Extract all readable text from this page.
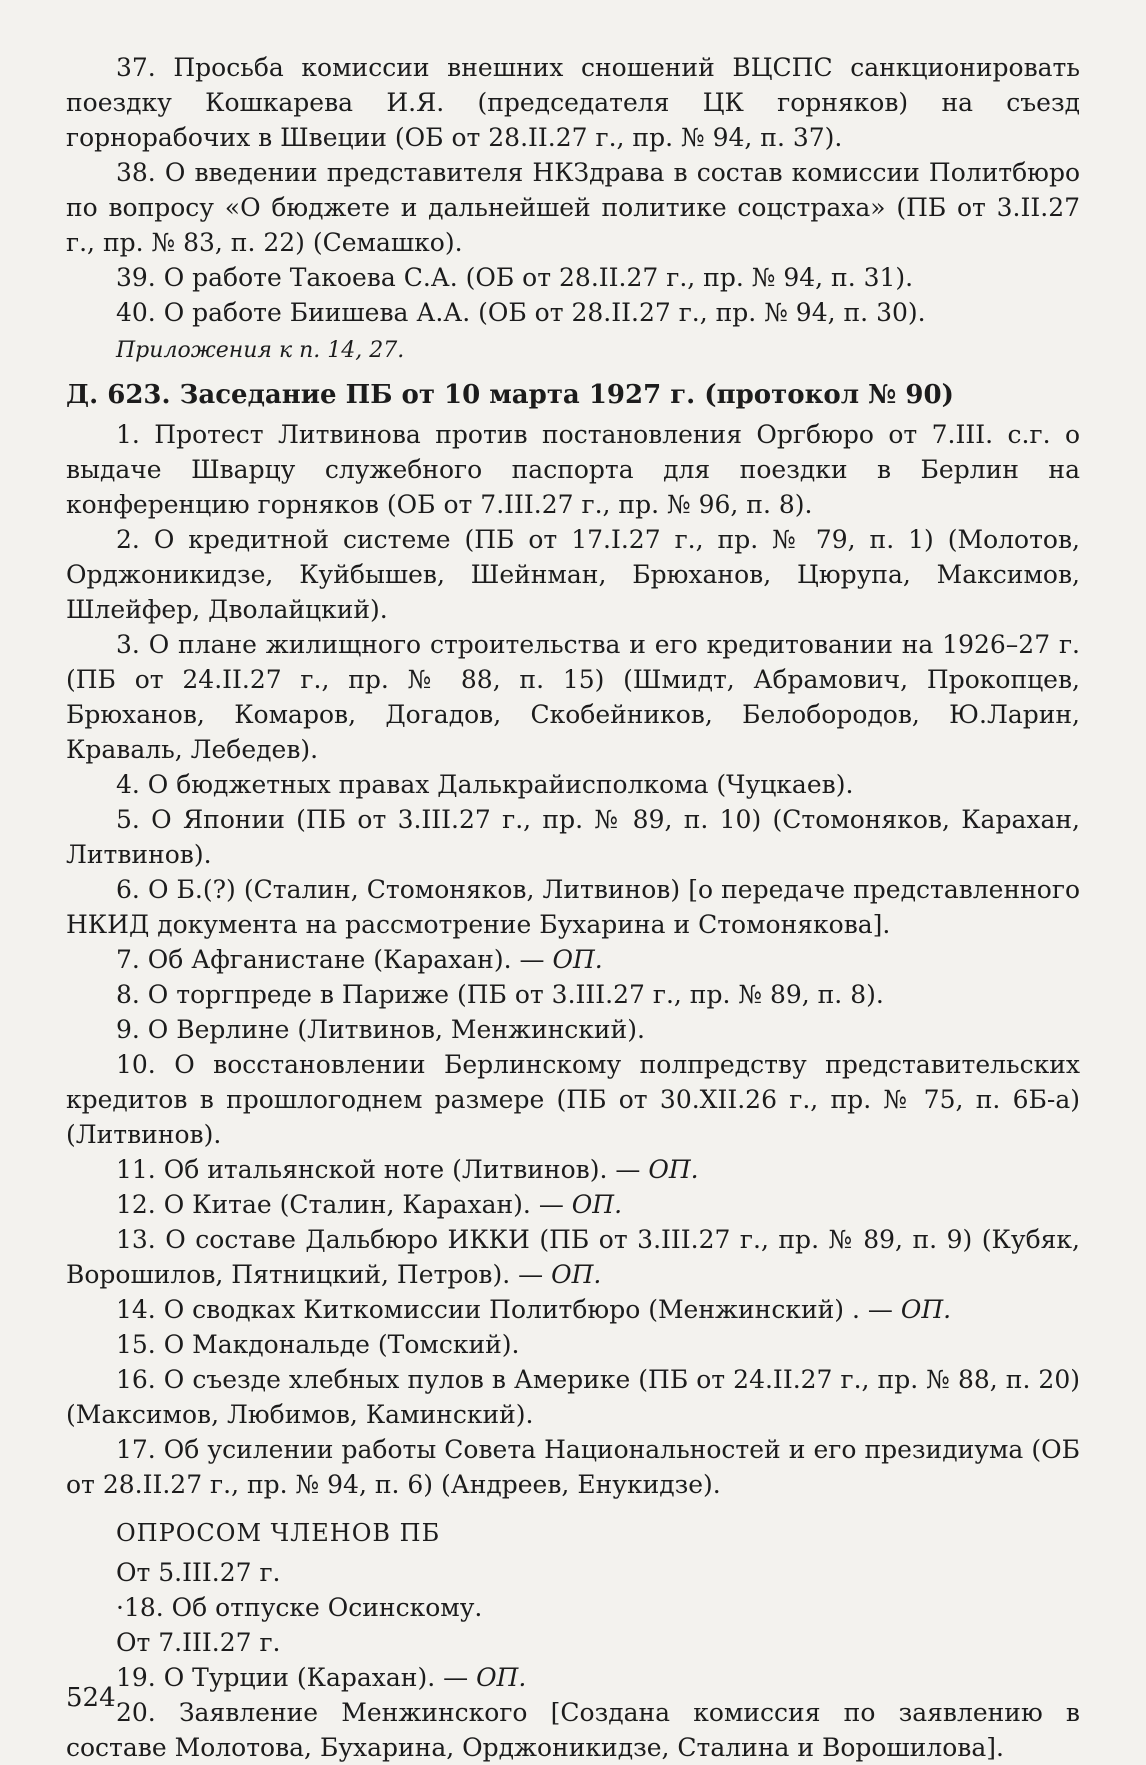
37. Просьба комиссии внешних сношений ВЦСПС санкционировать поездку Кошкарева И.Я. (председателя ЦК горняков) на съезд горнорабочих в Швеции (ОБ от 28.II.27 г., пр. № 94, п. 37).

38. О введении представителя НКЗдрава в состав комиссии Политбюро по вопросу «О бюджете и дальнейшей политике соцстраха» (ПБ от 3.II.27 г., пр. № 83, п. 22) (Семашко).

39. О работе Такоева С.А. (ОБ от 28.II.27 г., пр. № 94, п. 31).

40. О работе Биишева А.А. (ОБ от 28.II.27 г., пр. № 94, п. 30).

Приложения к п. 14, 27.

Д. 623. Заседание ПБ от 10 марта 1927 г. (протокол № 90)

1. Протест Литвинова против постановления Оргбюро от 7.III. с.г. о выдаче Шварцу служебного паспорта для поездки в Берлин на конференцию горняков (ОБ от 7.III.27 г., пр. № 96, п. 8).

2. О кредитной системе (ПБ от 17.I.27 г., пр. № 79, п. 1) (Молотов, Орджоникидзе, Куйбышев, Шейнман, Брюханов, Цюрупа, Максимов, Шлейфер, Дволайцкий).

3. О плане жилищного строительства и его кредитовании на 1926–27 г. (ПБ от 24.II.27 г., пр. № 88, п. 15) (Шмидт, Абрамович, Прокопцев, Брюханов, Комаров, Догадов, Скобейников, Белобородов, Ю.Ларин, Краваль, Лебедев).

4. О бюджетных правах Далькрайисполкома (Чуцкаев).

5. О Японии (ПБ от 3.III.27 г., пр. № 89, п. 10) (Стомоняков, Карахан, Литвинов).

6. О Б.(?) (Сталин, Стомоняков, Литвинов) [о передаче представленного НКИД документа на рассмотрение Бухарина и Стомонякова].

7. Об Афганистане (Карахан). — ОП.

8. О торгпреде в Париже (ПБ от 3.III.27 г., пр. № 89, п. 8).

9. О Верлине (Литвинов, Менжинский).

10. О восстановлении Берлинскому полпредству представительских кредитов в прошлогоднем размере (ПБ от 30.XII.26 г., пр. № 75, п. 6Б-а) (Литвинов).

11. Об итальянской ноте (Литвинов). — ОП.

12. О Китае (Сталин, Карахан). — ОП.

13. О составе Дальбюро ИККИ (ПБ от 3.III.27 г., пр. № 89, п. 9) (Кубяк, Ворошилов, Пятницкий, Петров). — ОП.

14. О сводках Киткомиссии Политбюро (Менжинский) . — ОП.

15. О Макдональде (Томский).

16. О съезде хлебных пулов в Америке (ПБ от 24.II.27 г., пр. № 88, п. 20) (Максимов, Любимов, Каминский).

17. Об усилении работы Совета Национальностей и его президиума (ОБ от 28.II.27 г., пр. № 94, п. 6) (Андреев, Енукидзе).

ОПРОСОМ ЧЛЕНОВ ПБ

От 5.III.27 г.

·18. Об отпуске Осинскому.

От 7.III.27 г.

19. О Турции (Карахан). — ОП.

20. Заявление Менжинского [Создана комиссия по заявлению в составе Молотова, Бухарина, Орджоникидзе, Сталина и Ворошилова].

524
